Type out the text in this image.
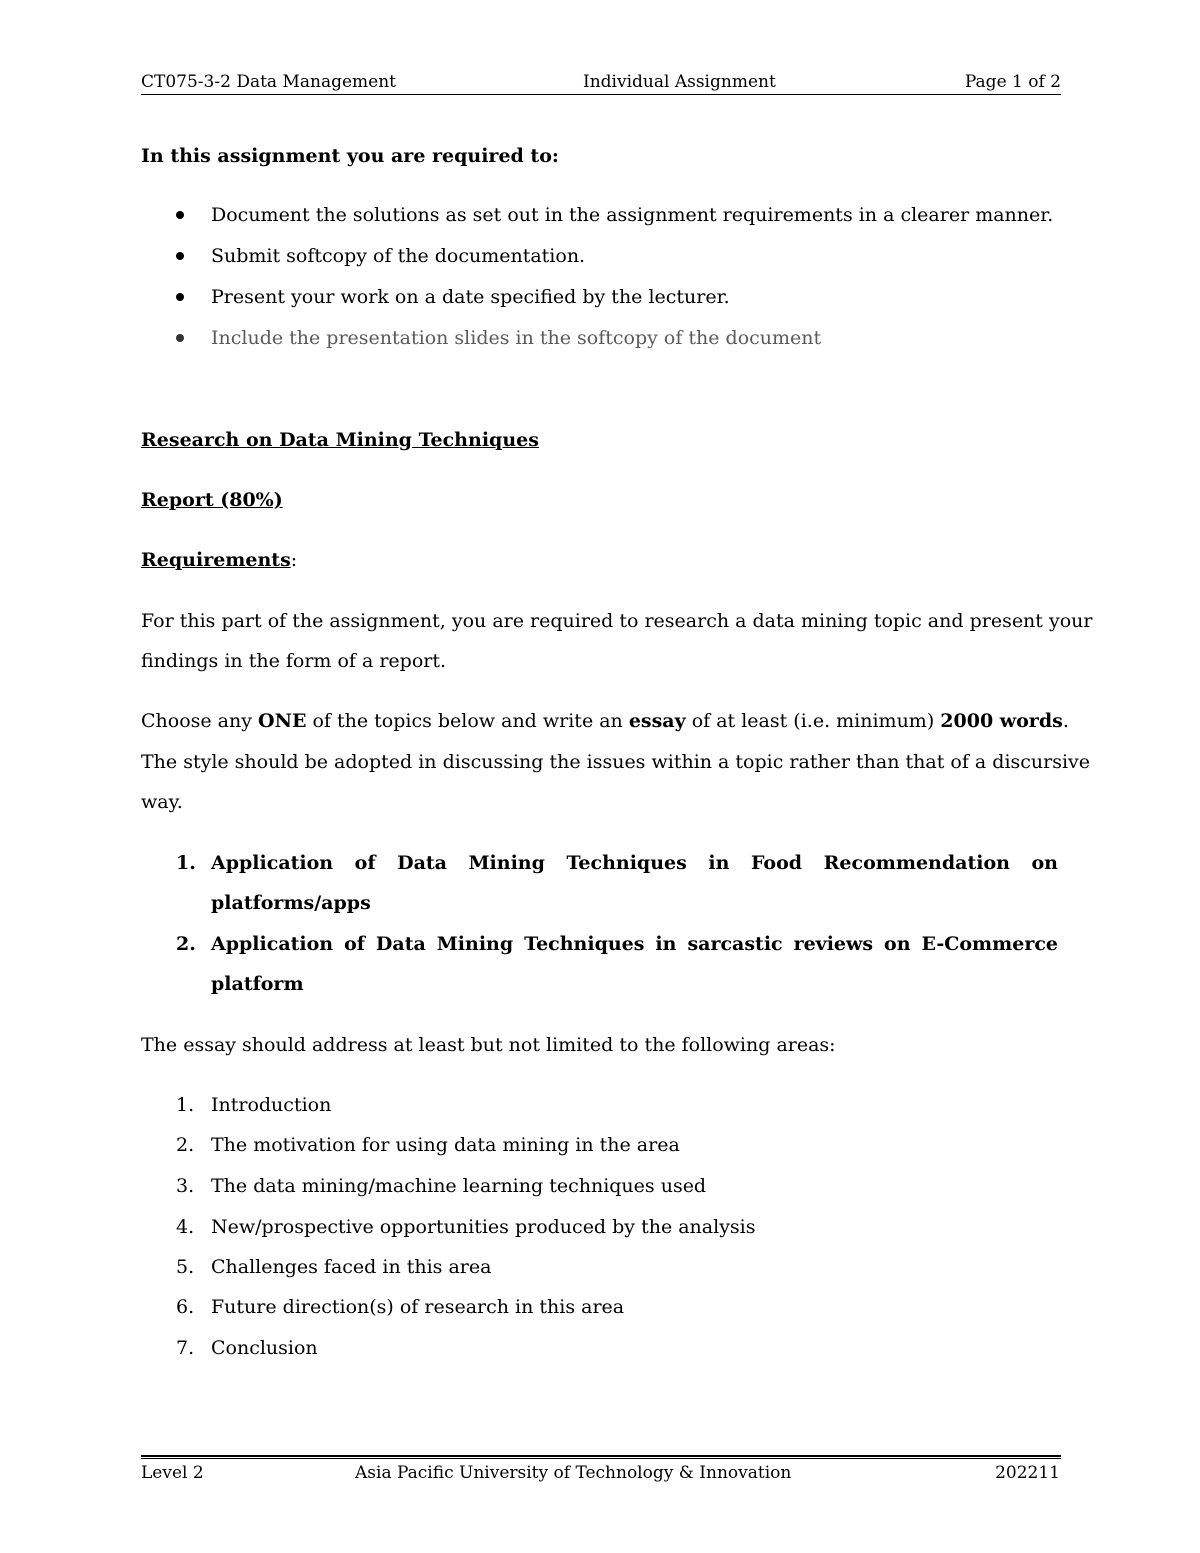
CT075-3-2 Data Management	Individual Assignment	Page 1 of 2
In this assignment you are required to:
Document the solutions as set out in the assignment requirements in a clearer manner.
Submit softcopy of the documentation.
Present your work on a date specified by the lecturer.
Include the presentation slides in the softcopy of the document
Research on Data Mining Techniques
Report (80%)
Requirements:
For this part of the assignment, you are required to research a data mining topic and present your
findings in the form of a report.
Choose any ONE of the topics below and write an essay of at least (i.e. minimum) 2000 words.
The style should be adopted in discussing the issues within a topic rather than that of a discursive
way.
1. Application of Data Mining Techniques in Food Recommendation on
platforms/apps
2. Application of Data Mining Techniques in sarcastic reviews on E-Commerce
platform
The essay should address at least but not limited to the following areas:
1. Introduction
2. The motivation for using data mining in the area
3. The data mining/machine learning techniques used
4. New/prospective opportunities produced by the analysis
5. Challenges faced in this area
6. Future direction(s) of research in this area
7. Conclusion
Level 2	Asia Pacific University of Technology & Innovation	202211
